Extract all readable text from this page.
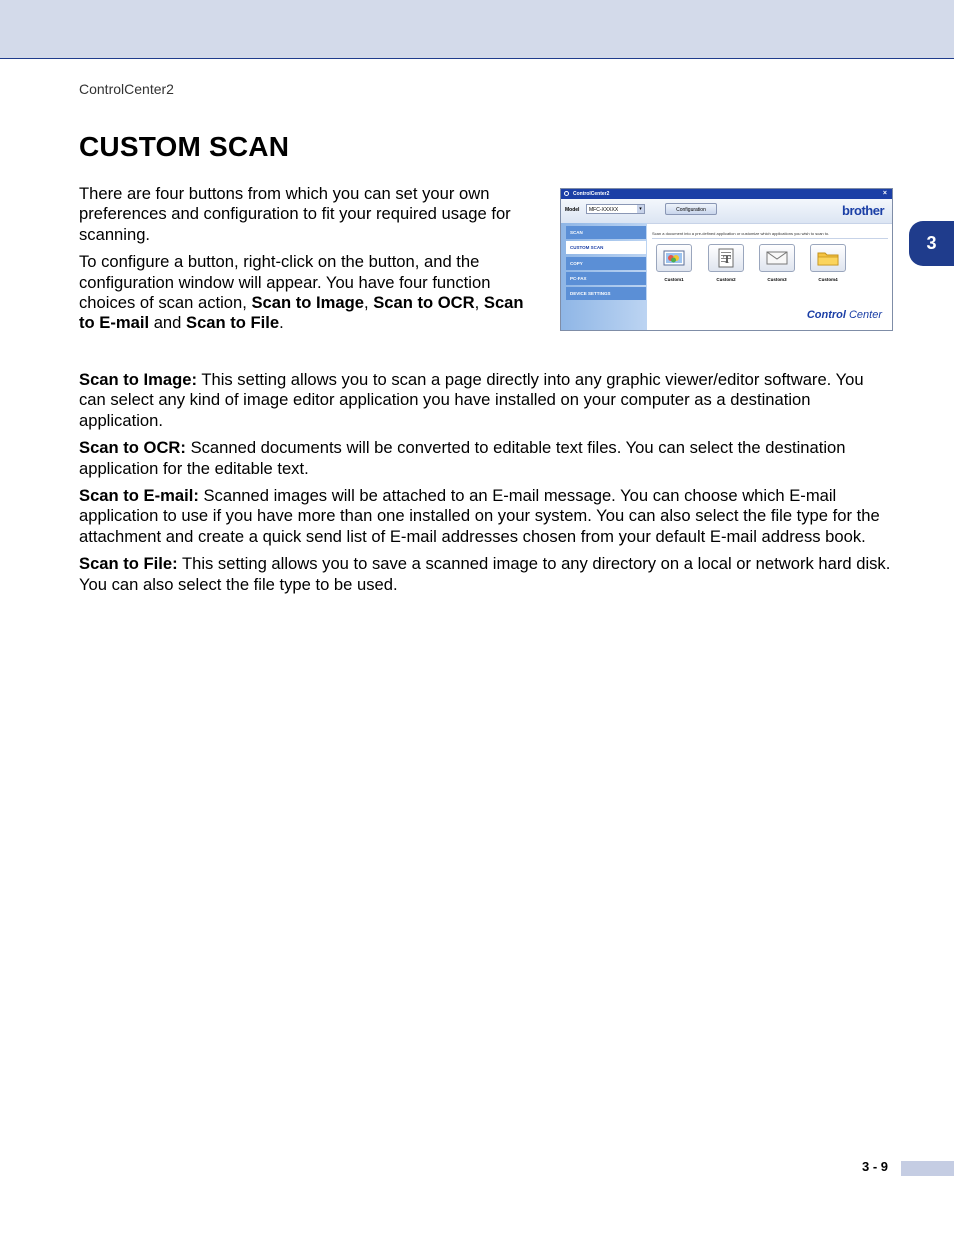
ControlCenter2
CUSTOM SCAN

There are four buttons from which you can set your own preferences and configuration to fit your required usage for scanning.

To configure a button, right-click on the button, and the configuration window will appear. You have four function choices of scan action, Scan to Image, Scan to OCR, Scan to E-mail and Scan to File.

ControlCenter2	×
Model MFC-XXXXX	▾	Configuration	brother
SCAN
CUSTOM SCAN
COPY
PC-FAX
DEVICE SETTINGS
Scan a document into a pre-defined application or customize which applications you wish to scan to.
Custom1
T
Custom2	Custom3	Custom4
Control Center

Scan to Image: This setting allows you to scan a page directly into any graphic viewer/editor software. You can select any kind of image editor application you have installed on your computer as a destination application.

Scan to OCR: Scanned documents will be converted to editable text files. You can select the destination application for the editable text.

Scan to E-mail: Scanned images will be attached to an E-mail message. You can choose which E-mail application to use if you have more than one installed on your system. You can also select the file type for the attachment and create a quick send list of E-mail addresses chosen from your default E-mail address book.

Scan to File: This setting allows you to save a scanned image to any directory on a local or network hard disk. You can also select the file type to be used.

3
3 - 9
